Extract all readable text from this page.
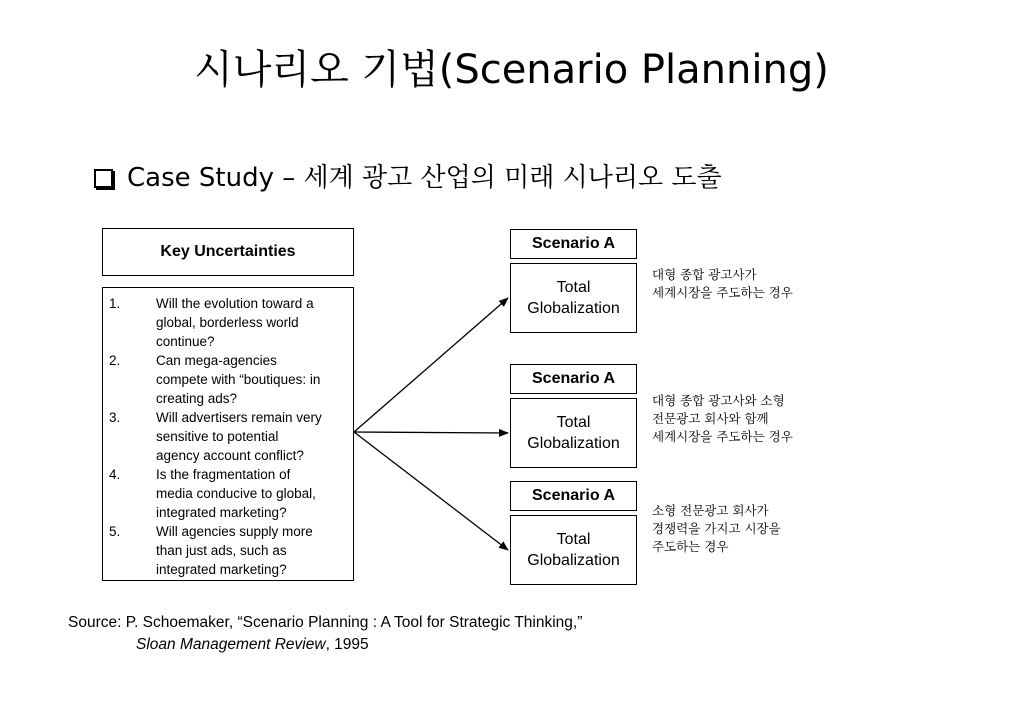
시나리오 기법(Scenario Planning)
Case Study – 세계 광고 산업의 미래 시나리오 도출
Key Uncertainties
1.	Will the evolution toward a
global, borderless world
continue?
2.	Can mega-agencies
compete with “boutiques: in
creating ads?
3.	Will advertisers remain very
sensitive to potential
agency account conflict?
4.	Is the fragmentation of
media conducive to global,
integrated marketing?
5.	Will agencies supply more
than just ads, such as
integrated marketing?
Scenario A
Total
Globalization
대형 종합 광고사가
세계시장을 주도하는 경우
Scenario A
Total
Globalization
대형 종합 광고사와 소형
전문광고 회사와 함께
세계시장을 주도하는 경우
Scenario A
Total
Globalization
소형 전문광고 회사가
경쟁력을 가지고 시장을
주도하는 경우
Source: P. Schoemaker, “Scenario Planning : A Tool for Strategic Thinking,”
Sloan Management Review, 1995
